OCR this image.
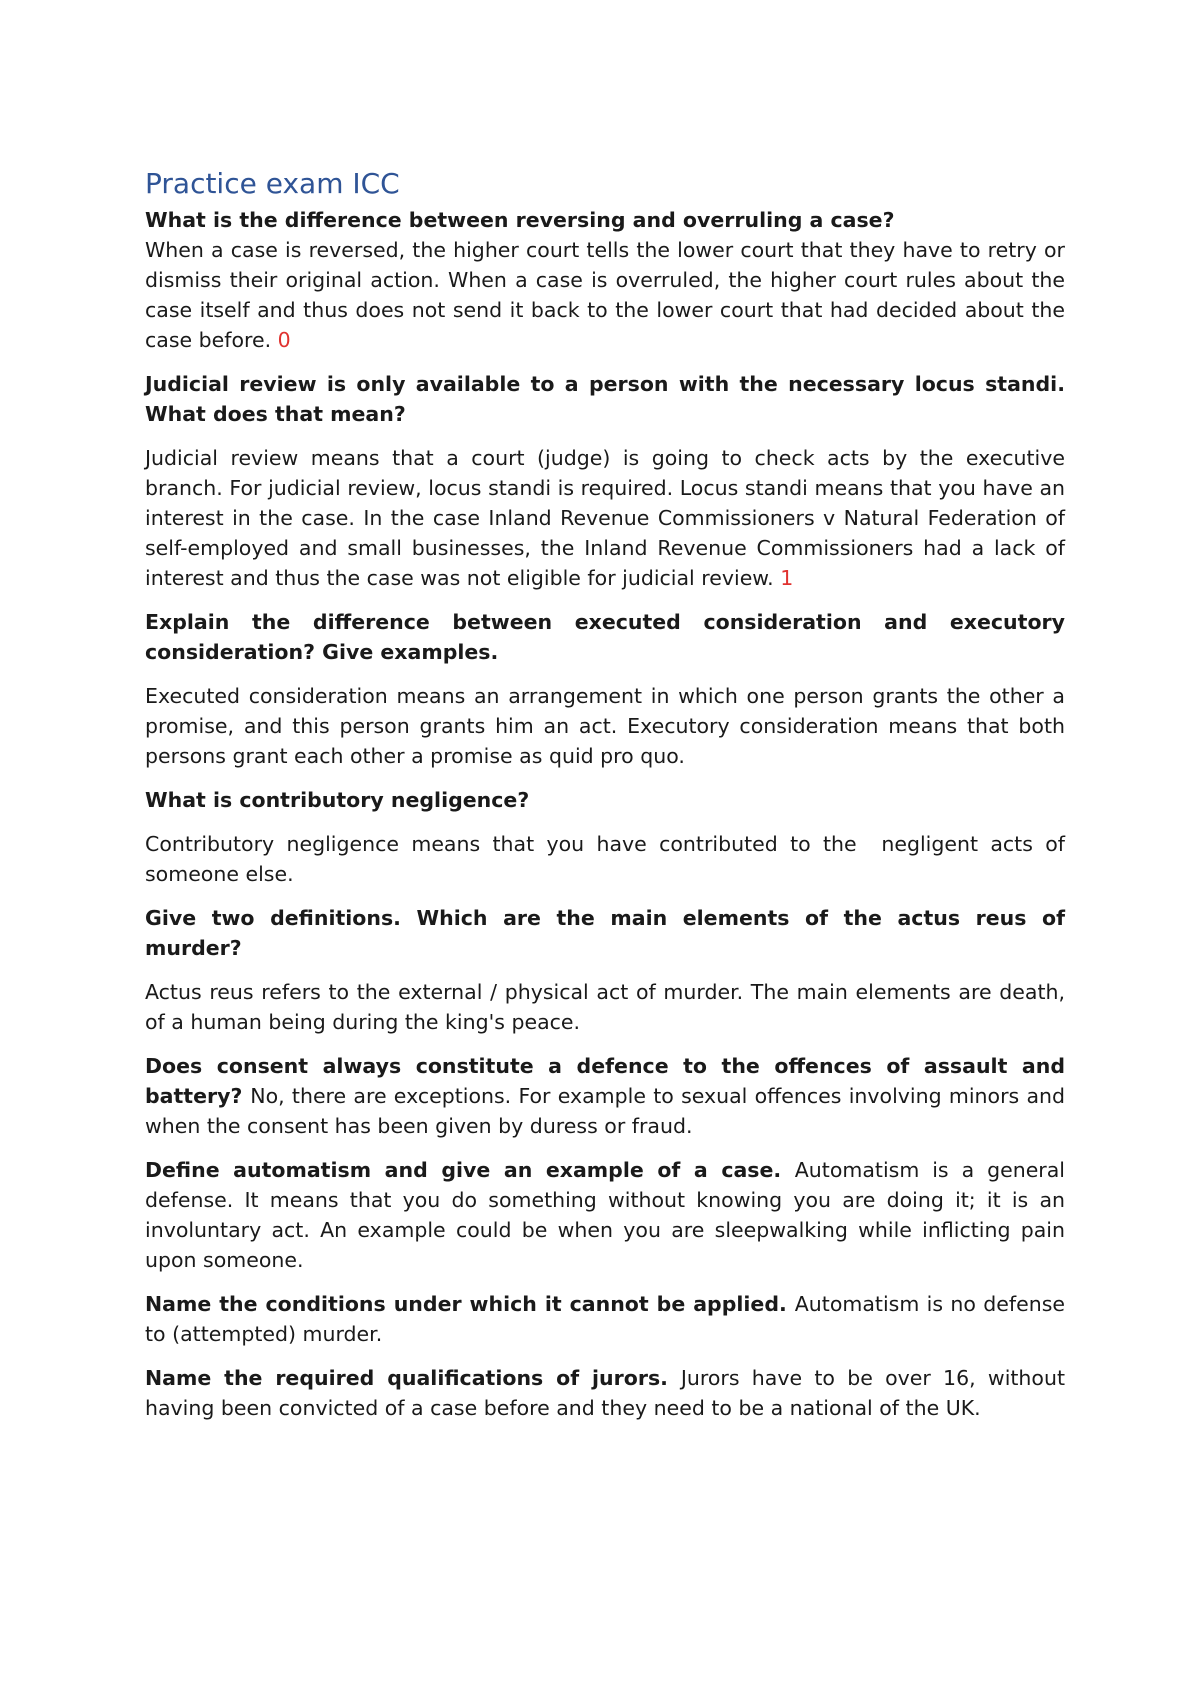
Practice exam ICC

What is the difference between reversing and overruling a case?

When a case is reversed, the higher court tells the lower court that they have to retry or dismiss their original action. When a case is overruled, the higher court rules about the case itself and thus does not send it back to the lower court that had decided about the case before. 0

Judicial review is only available to a person with the necessary locus standi. What does that mean?

Judicial review means that a court (judge) is going to check acts by the executive branch. For judicial review, locus standi is required. Locus standi means that you have an interest in the case. In the case Inland Revenue Commissioners v Natural Federation of self-employed and small businesses, the Inland Revenue Commissioners had a lack of interest and thus the case was not eligible for judicial review. 1

Explain the difference between executed consideration and executory consideration? Give examples.

Executed consideration means an arrangement in which one person grants the other a promise, and this person grants him an act. Executory consideration means that both persons grant each other a promise as quid pro quo.

What is contributory negligence?

Contributory negligence means that you have contributed to the  negligent acts of someone else.

Give two definitions. Which are the main elements of the actus reus of murder?

Actus reus refers to the external / physical act of murder. The main elements are death, of a human being during the king's peace.

Does consent always constitute a defence to the offences of assault and battery? No, there are exceptions. For example to sexual offences involving minors and when the consent has been given by duress or fraud.

Define automatism and give an example of a case. Automatism is a general defense. It means that you do something without knowing you are doing it; it is an involuntary act. An example could be when you are sleepwalking while inflicting pain upon someone.

Name the conditions under which it cannot be applied. Automatism is no defense to (attempted) murder.

Name the required qualifications of jurors. Jurors have to be over 16, without having been convicted of a case before and they need to be a national of the UK.
